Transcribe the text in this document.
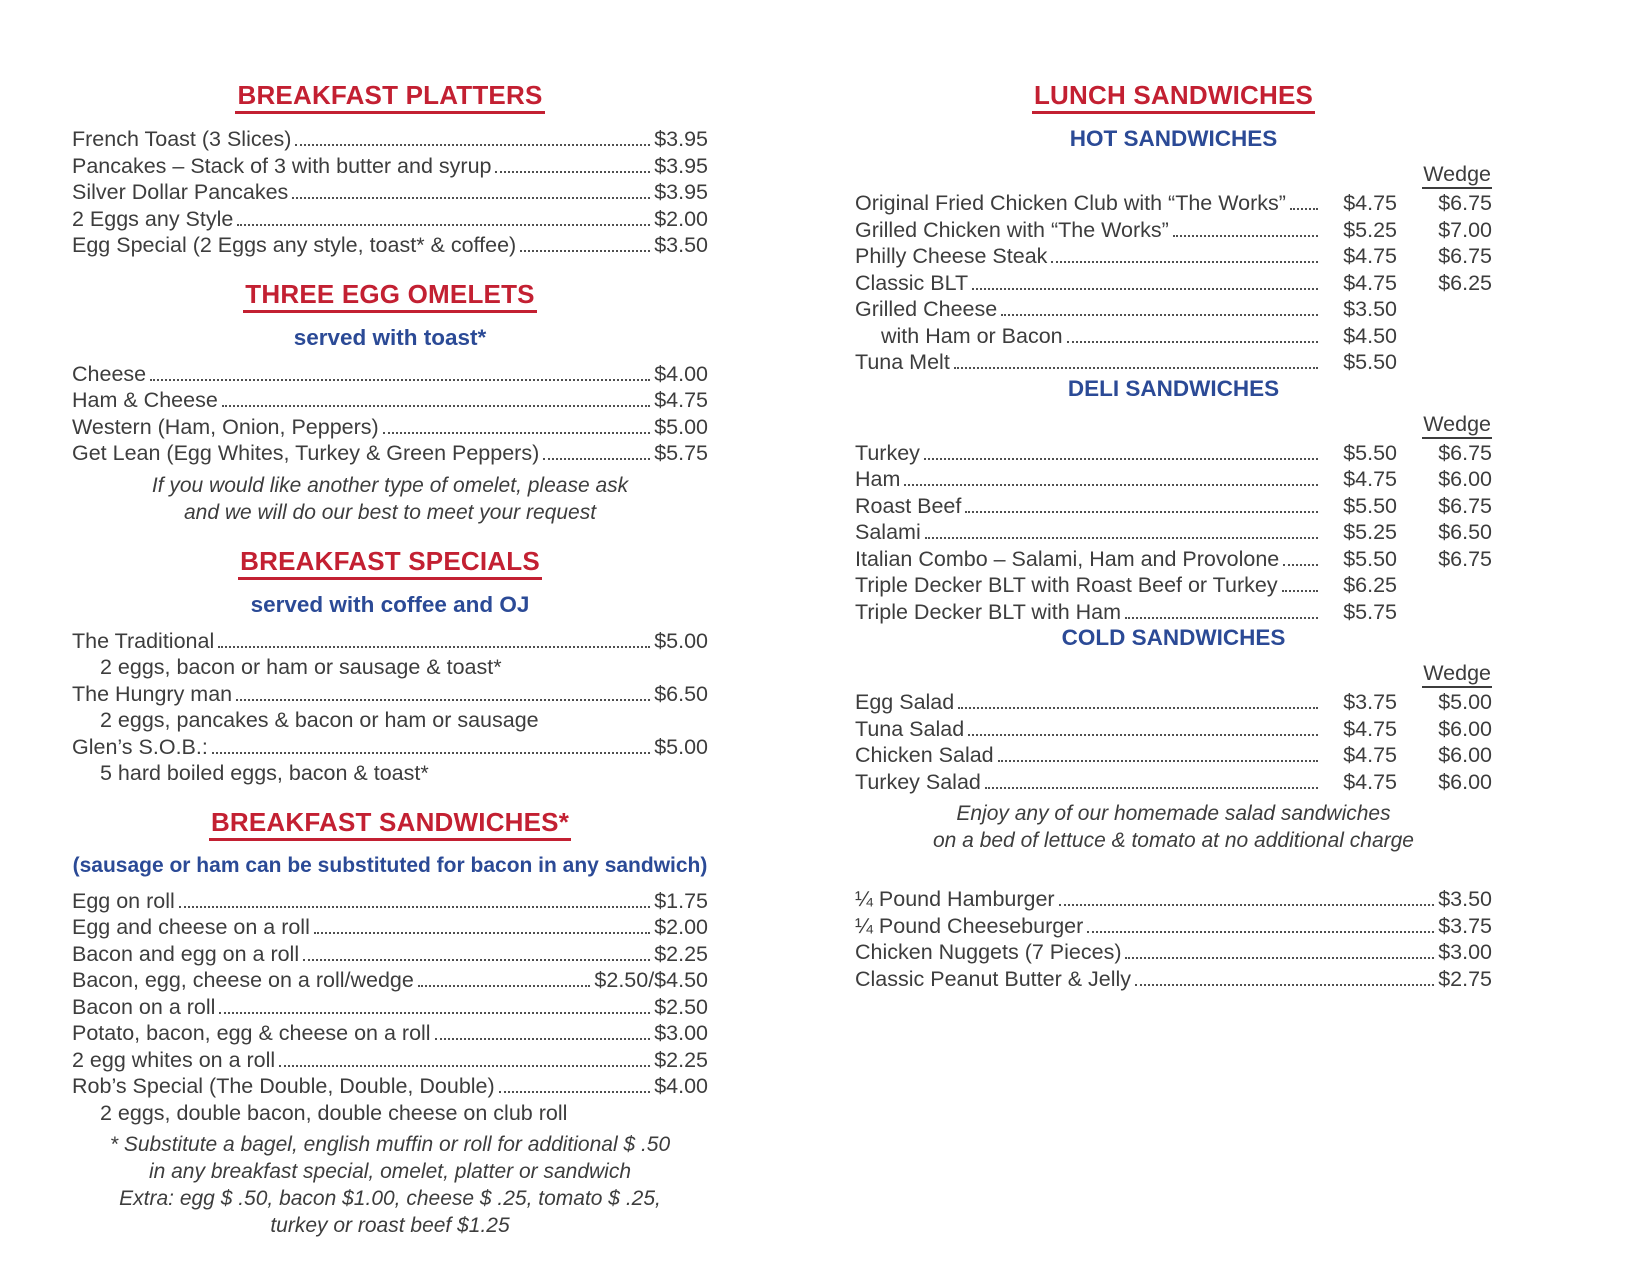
BREAKFAST PLATTERS
French Toast (3 Slices)	$3.95
Pancakes – Stack of 3 with butter and syrup	$3.95
Silver Dollar Pancakes	$3.95
2 Eggs any Style	$2.00
Egg Special (2 Eggs any style, toast* & coffee)	$3.50
THREE EGG OMELETS
served with toast*
Cheese	$4.00
Ham & Cheese	$4.75
Western (Ham, Onion, Peppers)	$5.00
Get Lean (Egg Whites, Turkey & Green Peppers)	$5.75
If you would like another type of omelet, please ask
and we will do our best to meet your request
BREAKFAST SPECIALS
served with coffee and OJ
The Traditional	$5.00
2 eggs, bacon or ham or sausage & toast*
The Hungry man	$6.50
2 eggs, pancakes & bacon or ham or sausage
Glen’s S.O.B.:	$5.00
5 hard boiled eggs, bacon & toast*
BREAKFAST SANDWICHES*
(sausage or ham can be substituted for bacon in any sandwich)
Egg on roll	$1.75
Egg and cheese on a roll	$2.00
Bacon and egg on a roll	$2.25
Bacon, egg, cheese on a roll/wedge	$2.50/$4.50
Bacon on a roll	$2.50
Potato, bacon, egg & cheese on a roll	$3.00
2 egg whites on a roll	$2.25
Rob’s Special (The Double, Double, Double)	$4.00
2 eggs, double bacon, double cheese on club roll
* Substitute a bagel, english muffin or roll for additional $ .50
in any breakfast special, omelet, platter or sandwich
Extra: egg $ .50, bacon $1.00, cheese $ .25, tomato $ .25,
turkey or roast beef $1.25
LUNCH SANDWICHES
HOT SANDWICHES
Wedge
Original Fried Chicken Club with “The Works”	$4.75	$6.75
Grilled Chicken with “The Works”	$5.25	$7.00
Philly Cheese Steak	$4.75	$6.75
Classic BLT	$4.75	$6.25
Grilled Cheese	$3.50
with Ham or Bacon	$4.50
Tuna Melt	$5.50
DELI SANDWICHES
Wedge
Turkey	$5.50	$6.75
Ham	$4.75	$6.00
Roast Beef	$5.50	$6.75
Salami	$5.25	$6.50
Italian Combo – Salami, Ham and Provolone	$5.50	$6.75
Triple Decker BLT with Roast Beef or Turkey	$6.25
Triple Decker BLT with Ham	$5.75
COLD SANDWICHES
Wedge
Egg Salad	$3.75	$5.00
Tuna Salad	$4.75	$6.00
Chicken Salad	$4.75	$6.00
Turkey Salad	$4.75	$6.00
Enjoy any of our homemade salad sandwiches
on a bed of lettuce & tomato at no additional charge
¼ Pound Hamburger	$3.50
¼ Pound Cheeseburger	$3.75
Chicken Nuggets (7 Pieces)	$3.00
Classic Peanut Butter & Jelly	$2.75
